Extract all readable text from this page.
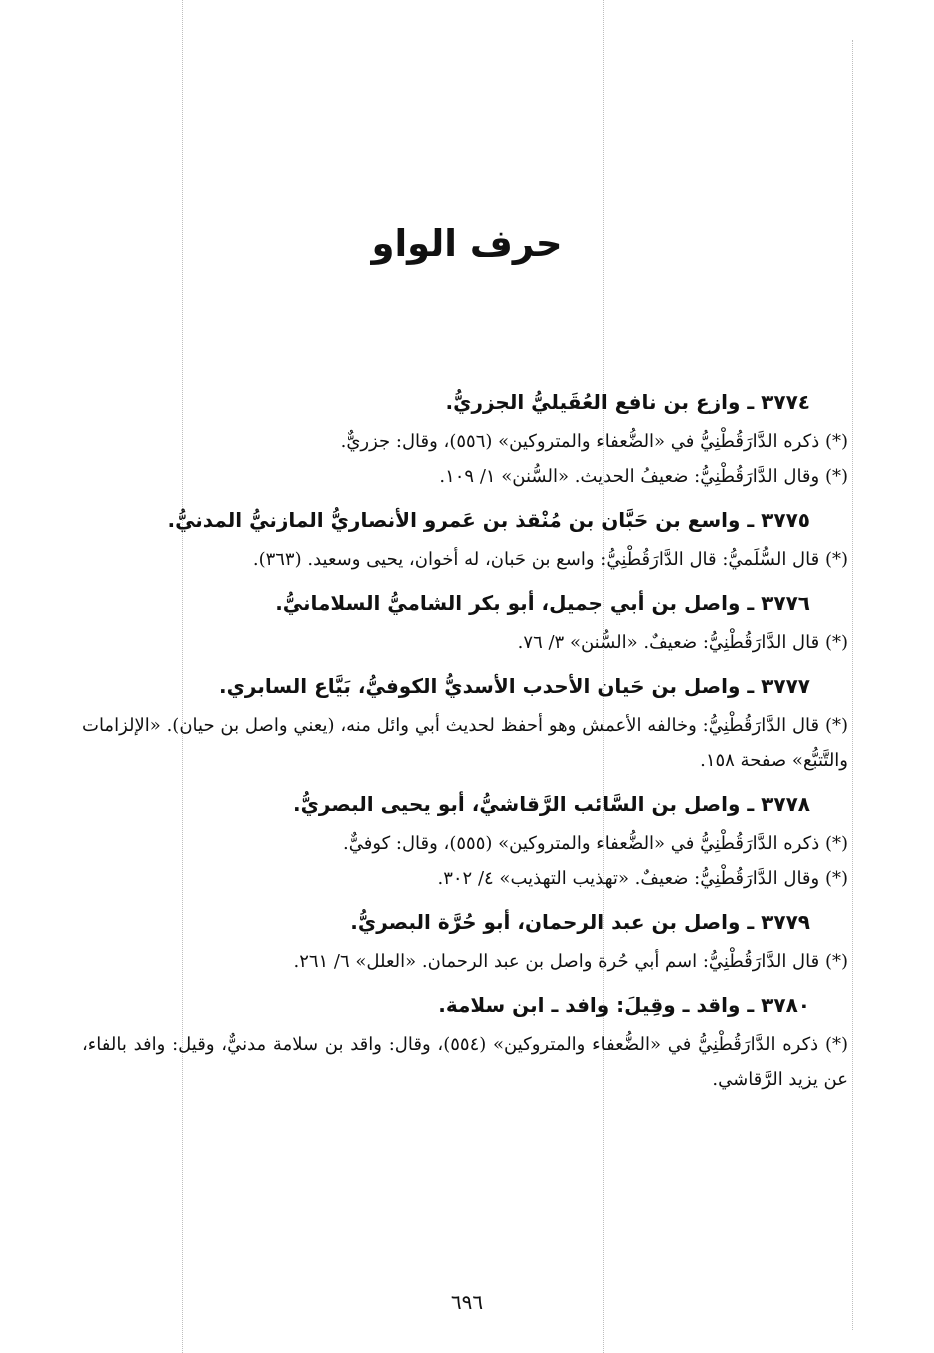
حرف الواو
٣٧٧٤ ـ وازع بن نافع العُقَيليُّ الجزريُّ.

(*) ذكره الدَّارَقُطْنِيُّ في «الضُّعفاء والمتروكين» (٥٥٦)، وقال: جزريٌّ.

(*) وقال الدَّارَقُطْنِيُّ: ضعيفُ الحديث. «السُّنن» ١/ ١٠٩.

٣٧٧٥ ـ واسع بن حَبَّان بن مُنْقذ بن عَمرو الأنصاريُّ المازنيُّ المدنيُّ.

(*) قال السُّلَميُّ: قال الدَّارَقُطْنِيُّ: واسع بن حَبان، له أخوان، يحيى وسعيد. (٣٦٣).

٣٧٧٦ ـ واصل بن أبي جميل، أبو بكر الشاميُّ السلامانيُّ.

(*) قال الدَّارَقُطْنِيُّ: ضعيفٌ. «السُّنن» ٣/ ٧٦.

٣٧٧٧ ـ واصل بن حَيان الأحدب الأسديُّ الكوفيُّ، بَيَّاع السابري.

(*) قال الدَّارَقُطْنِيُّ: وخالفه الأعمش وهو أحفظ لحديث أبي وائل منه، (يعني واصل بن حيان). «الإلزامات والتَّتبُّع» صفحة ١٥٨.

٣٧٧٨ ـ واصل بن السَّائب الرَّقاشيُّ، أبو يحيى البصريُّ.

(*) ذكره الدَّارَقُطْنِيُّ في «الضُّعفاء والمتروكين» (٥٥٥)، وقال: كوفيٌّ.

(*) وقال الدَّارَقُطْنِيُّ: ضعيفٌ. «تهذيب التهذيب» ٤/ ٣٠٢.

٣٧٧٩ ـ واصل بن عبد الرحمان، أبو حُرَّة البصريُّ.

(*) قال الدَّارَقُطْنِيُّ: اسم أبي حُرة واصل بن عبد الرحمان. «العلل» ٦/ ٢٦١.

٣٧٨٠ ـ واقد ـ وقِيلَ: وافد ـ ابن سلامة.

(*) ذكره الدَّارَقُطْنِيُّ في «الضُّعفاء والمتروكين» (٥٥٤)، وقال: واقد بن سلامة مدنيٌّ، وقيل: وافد بالفاء، عن يزيد الرَّقاشي.

٦٩٦
